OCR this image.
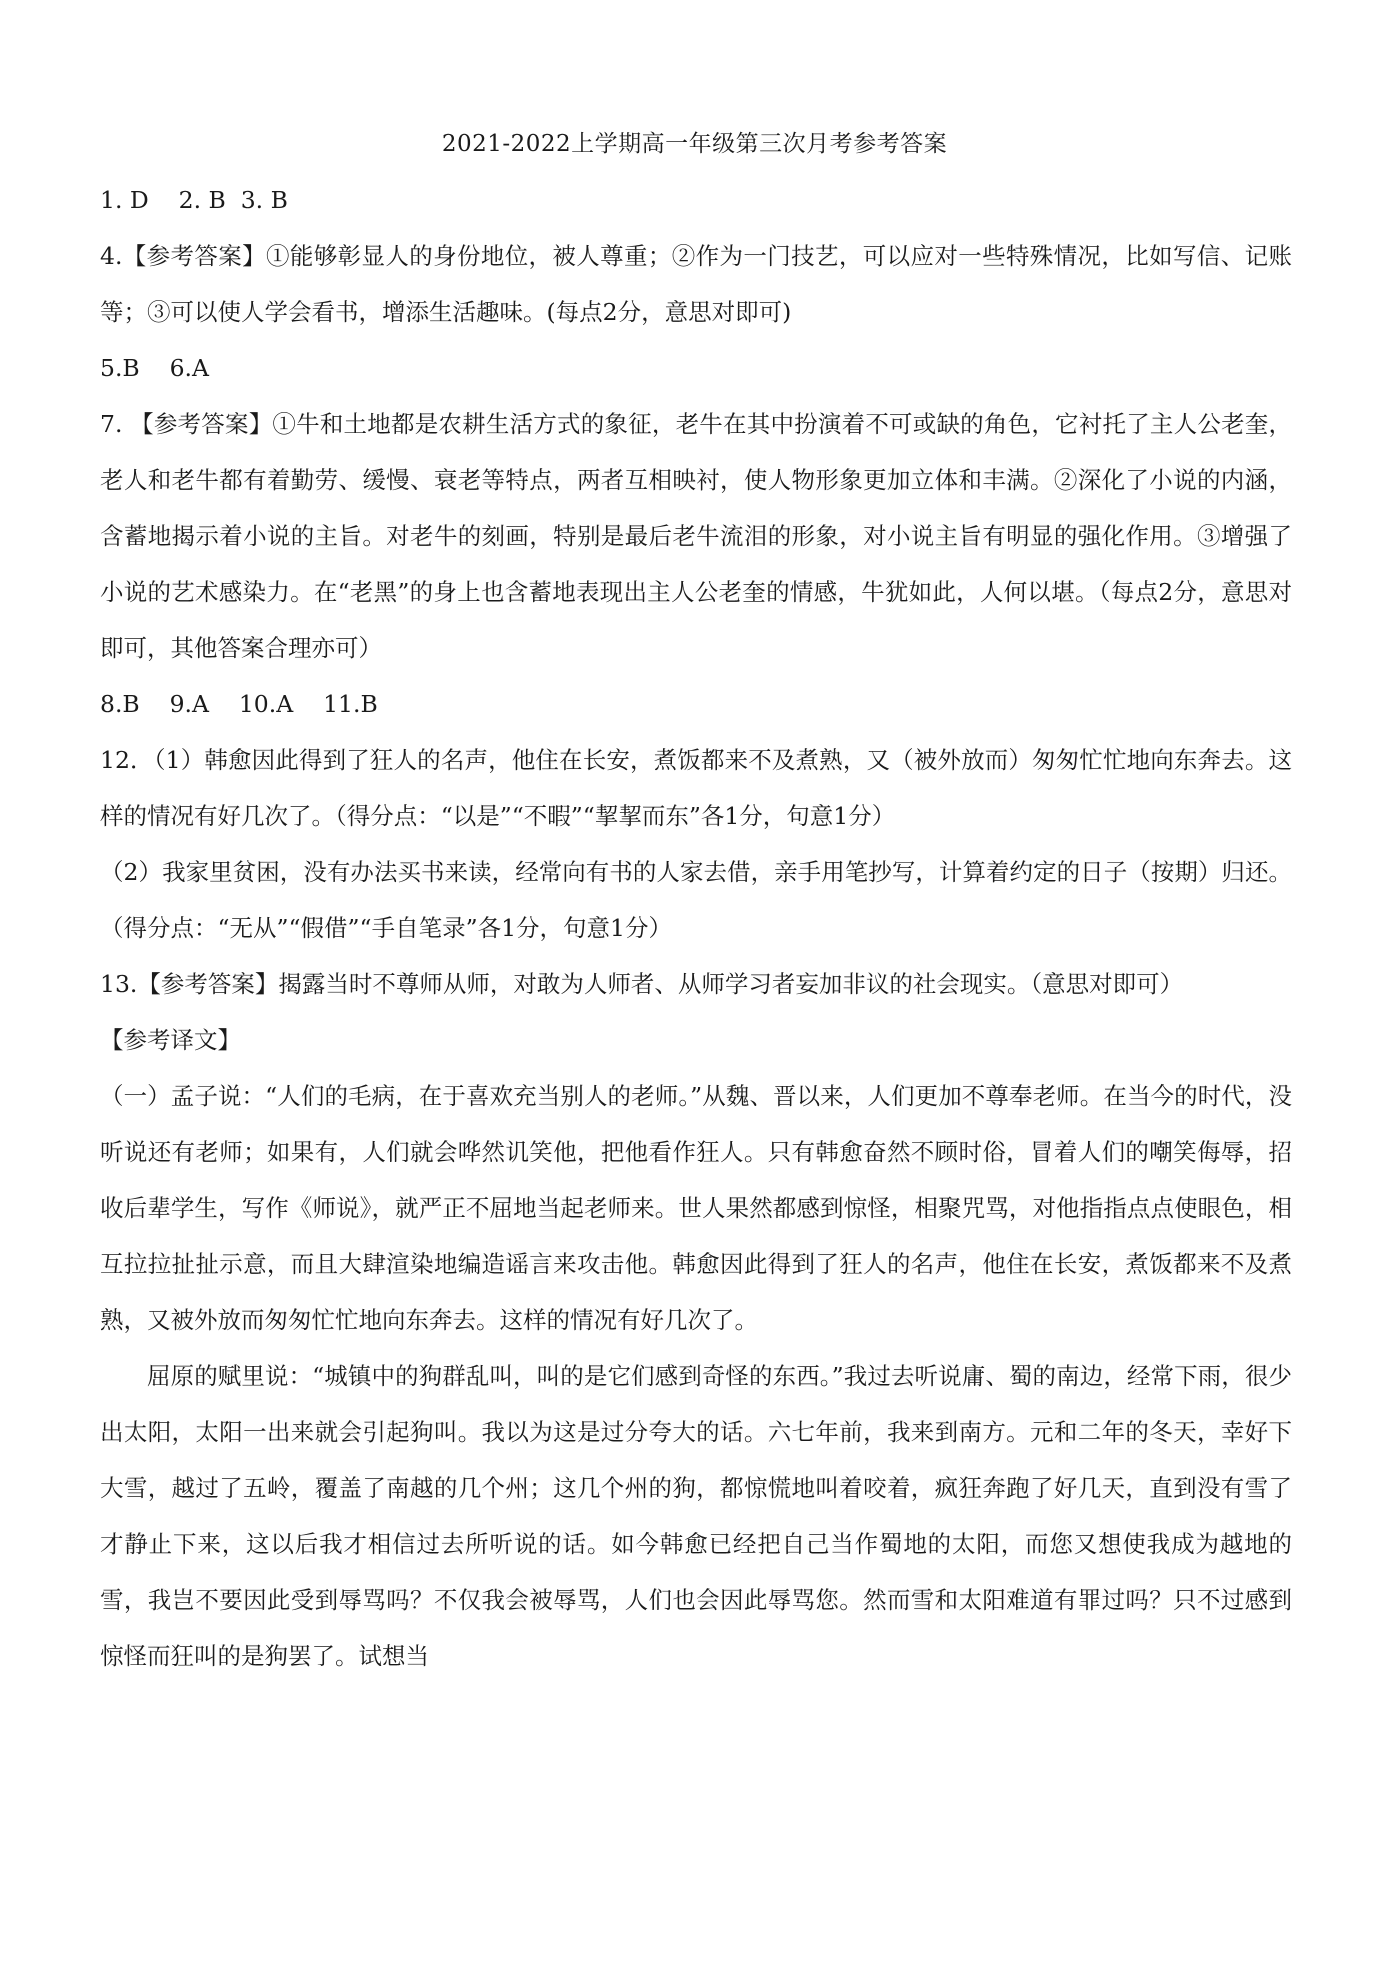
2021-2022上学期高一年级第三次月考参考答案

1. D    2. B  3. B

4.【参考答案】①能够彰显人的身份地位，被人尊重；②作为一门技艺，可以应对一些特殊情况，比如写信、记账等；③可以使人学会看书，增添生活趣味。(每点2分，意思对即可)

5.B    6.A

7. 【参考答案】①牛和土地都是农耕生活方式的象征，老牛在其中扮演着不可或缺的角色，它衬托了主人公老奎，老人和老牛都有着勤劳、缓慢、衰老等特点，两者互相映衬，使人物形象更加立体和丰满。②深化了小说的内涵，含蓄地揭示着小说的主旨。对老牛的刻画，特别是最后老牛流泪的形象，对小说主旨有明显的强化作用。③增强了小说的艺术感染力。在“老黑”的身上也含蓄地表现出主人公老奎的情感，牛犹如此，人何以堪。（每点2分，意思对即可，其他答案合理亦可）

8.B    9.A    10.A    11.B

12．（1）韩愈因此得到了狂人的名声，他住在长安，煮饭都来不及煮熟，又（被外放而）匆匆忙忙地向东奔去。这样的情况有好几次了。（得分点：“以是”“不暇”“挈挈而东”各1分，句意1分）

（2）我家里贫困，没有办法买书来读，经常向有书的人家去借，亲手用笔抄写，计算着约定的日子（按期）归还。（得分点：“无从”“假借”“手自笔录”各1分，句意1分）

13.【参考答案】揭露当时不尊师从师，对敢为人师者、从师学习者妄加非议的社会现实。（意思对即可）

【参考译文】

（一）孟子说：“人们的毛病，在于喜欢充当别人的老师。”从魏、晋以来，人们更加不尊奉老师。在当今的时代，没听说还有老师；如果有，人们就会哗然讥笑他，把他看作狂人。只有韩愈奋然不顾时俗，冒着人们的嘲笑侮辱，招收后辈学生，写作《师说》，就严正不屈地当起老师来。世人果然都感到惊怪，相聚咒骂，对他指指点点使眼色，相互拉拉扯扯示意，而且大肆渲染地编造谣言来攻击他。韩愈因此得到了狂人的名声，他住在长安，煮饭都来不及煮熟，又被外放而匆匆忙忙地向东奔去。这样的情况有好几次了。

屈原的赋里说：“城镇中的狗群乱叫，叫的是它们感到奇怪的东西。”我过去听说庸、蜀的南边，经常下雨，很少出太阳，太阳一出来就会引起狗叫。我以为这是过分夸大的话。六七年前，我来到南方。元和二年的冬天，幸好下大雪，越过了五岭，覆盖了南越的几个州；这几个州的狗，都惊慌地叫着咬着，疯狂奔跑了好几天，直到没有雪了才静止下来，这以后我才相信过去所听说的话。如今韩愈已经把自己当作蜀地的太阳，而您又想使我成为越地的雪，我岂不要因此受到辱骂吗？不仅我会被辱骂，人们也会因此辱骂您。然而雪和太阳难道有罪过吗？只不过感到惊怪而狂叫的是狗罢了。试想当
